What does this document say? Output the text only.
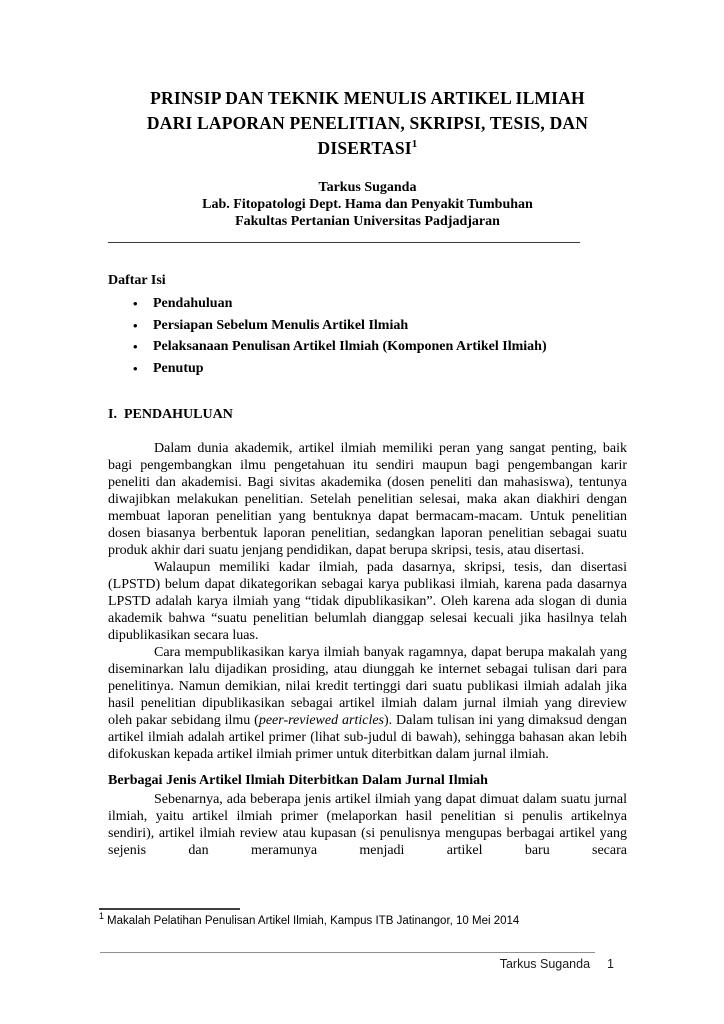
PRINSIP DAN TEKNIK MENULIS ARTIKEL ILMIAH
DARI LAPORAN PENELITIAN, SKRIPSI, TESIS, DAN
DISERTASI$^1$
Tarkus Suganda
Lab. Fitopatologi Dept. Hama dan Penyakit Tumbuhan
Fakultas Pertanian Universitas Padjadjaran
Daftar Isi
• Pendahuluan
• Persiapan Sebelum Menulis Artikel Ilmiah
• Pelaksanaan Penulisan Artikel Ilmiah (Komponen Artikel Ilmiah)
• Penutup
I.  PENDAHULUAN

Dalam dunia akademik, artikel ilmiah memiliki peran yang sangat penting, baik bagi pengembangkan ilmu pengetahuan itu sendiri maupun bagi pengembangan karir peneliti dan akademisi. Bagi sivitas akademika (dosen peneliti dan mahasiswa), tentunya diwajibkan melakukan penelitian. Setelah penelitian selesai, maka akan diakhiri dengan membuat laporan penelitian yang bentuknya dapat bermacam-macam. Untuk penelitian dosen biasanya berbentuk laporan penelitian, sedangkan laporan penelitian sebagai suatu produk akhir dari suatu jenjang pendidikan, dapat berupa skripsi, tesis, atau disertasi.

Walaupun memiliki kadar ilmiah, pada dasarnya, skripsi, tesis, dan disertasi (LPSTD) belum dapat dikategorikan sebagai karya publikasi ilmiah, karena pada dasarnya LPSTD adalah karya ilmiah yang “tidak dipublikasikan”. Oleh karena ada slogan di dunia akademik bahwa “suatu penelitian belumlah dianggap selesai kecuali jika hasilnya telah dipublikasikan secara luas.

Cara mempublikasikan karya ilmiah banyak ragamnya, dapat berupa makalah yang diseminarkan lalu dijadikan prosiding, atau diunggah ke internet sebagai tulisan dari para penelitinya. Namun demikian, nilai kredit tertinggi dari suatu publikasi ilmiah adalah jika hasil penelitian dipublikasikan sebagai artikel ilmiah dalam jurnal ilmiah yang direview oleh pakar sebidang ilmu (peer-reviewed articles). Dalam tulisan ini yang dimaksud dengan artikel ilmiah adalah artikel primer (lihat sub-judul di bawah), sehingga bahasan akan lebih difokuskan kepada artikel ilmiah primer untuk diterbitkan dalam jurnal ilmiah.

Berbagai Jenis Artikel Ilmiah Diterbitkan Dalam Jurnal Ilmiah

Sebenarnya, ada beberapa jenis artikel ilmiah yang dapat dimuat dalam suatu jurnal ilmiah, yaitu artikel ilmiah primer (melaporkan hasil penelitian si penulis artikelnya sendiri), artikel ilmiah review atau kupasan (si penulisnya mengupas berbagai artikel yang sejenis dan meramunya menjadi artikel baru secara

$^1$ Makalah Pelatihan Penulisan Artikel Ilmiah, Kampus ITB Jatinangor, 10 Mei 2014
Tarkus Suganda 1
